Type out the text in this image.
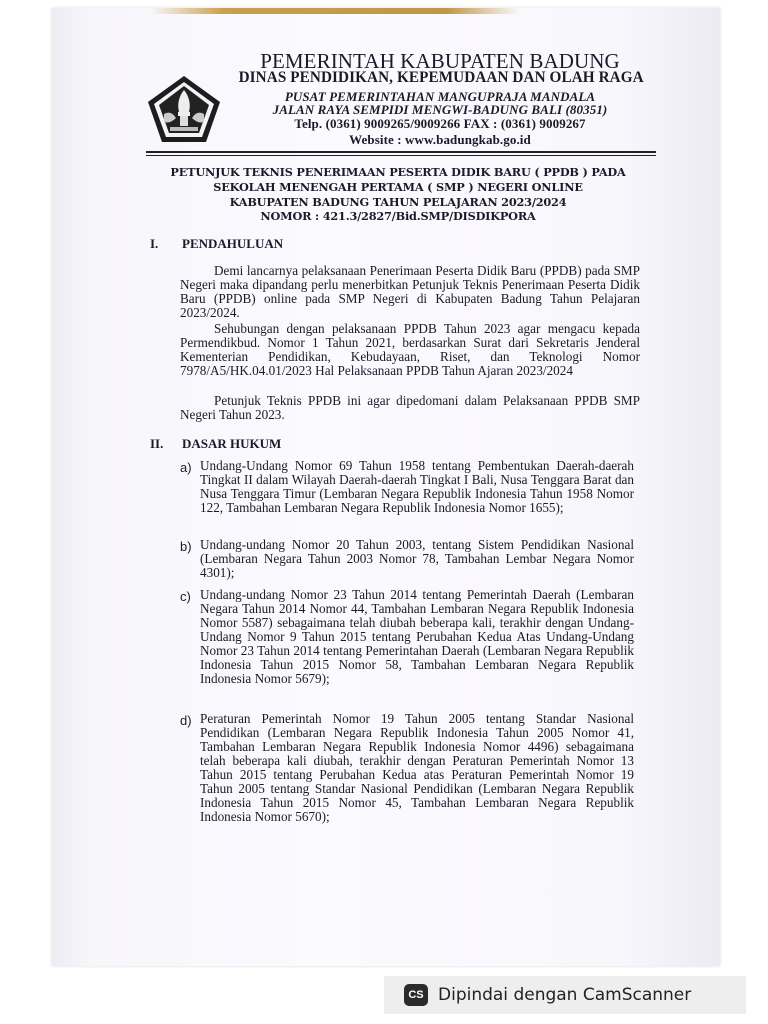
PEMERINTAH KABUPATEN BADUNG
DINAS PENDIDIKAN, KEPEMUDAAN DAN OLAH RAGA
PUSAT PEMERINTAHAN MANGUPRAJA MANDALA
JALAN RAYA SEMPIDI MENGWI-BADUNG BALI (80351)
Telp. (0361) 9009265/9009266 FAX : (0361) 9009267
Website : www.badungkab.go.id
PETUNJUK TEKNIS PENERIMAAN PESERTA DIDIK BARU ( PPDB ) PADA
SEKOLAH MENENGAH PERTAMA ( SMP ) NEGERI ONLINE
KABUPATEN BADUNG TAHUN PELAJARAN 2023/2024
NOMOR : 421.3/2827/Bid.SMP/DISDIKPORA
I. PENDAHULUAN
Demi lancarnya pelaksanaan Penerimaan Peserta Didik Baru (PPDB) pada SMP Negeri maka dipandang perlu menerbitkan Petunjuk Teknis Penerimaan Peserta Didik Baru (PPDB) online pada SMP Negeri di Kabupaten Badung Tahun Pelajaran 2023/2024.
Sehubungan dengan pelaksanaan PPDB Tahun 2023 agar mengacu kepada Permendikbud. Nomor 1 Tahun 2021, berdasarkan Surat dari Sekretaris Jenderal Kementerian Pendidikan, Kebudayaan, Riset, dan Teknologi Nomor 7978/A5/HK.04.01/2023 Hal Pelaksanaan PPDB Tahun Ajaran 2023/2024
Petunjuk Teknis PPDB ini agar dipedomani dalam Pelaksanaan PPDB SMP Negeri Tahun 2023.
II. DASAR HUKUM
a) Undang-Undang Nomor 69 Tahun 1958 tentang Pembentukan Daerah-daerah Tingkat II dalam Wilayah Daerah-daerah Tingkat I Bali, Nusa Tenggara Barat dan Nusa Tenggara Timur (Lembaran Negara Republik Indonesia Tahun 1958 Nomor 122, Tambahan Lembaran Negara Republik Indonesia Nomor 1655);
b) Undang-undang Nomor 20 Tahun 2003, tentang Sistem Pendidikan Nasional (Lembaran Negara Tahun 2003 Nomor 78, Tambahan Lembar Negara Nomor 4301);
c) Undang-undang Nomor 23 Tahun 2014 tentang Pemerintah Daerah (Lembaran Negara Tahun 2014 Nomor 44, Tambahan Lembaran Negara Republik Indonesia Nomor 5587) sebagaimana telah diubah beberapa kali, terakhir dengan Undang-Undang Nomor 9 Tahun 2015 tentang Perubahan Kedua Atas Undang-Undang Nomor 23 Tahun 2014 tentang Pemerintahan Daerah (Lembaran Negara Republik Indonesia Tahun 2015 Nomor 58, Tambahan Lembaran Negara Republik Indonesia Nomor 5679);
d) Peraturan Pemerintah Nomor 19 Tahun 2005 tentang Standar Nasional Pendidikan (Lembaran Negara Republik Indonesia Tahun 2005 Nomor 41, Tambahan Lembaran Negara Republik Indonesia Nomor 4496) sebagaimana telah beberapa kali diubah, terakhir dengan Peraturan Pemerintah Nomor 13 Tahun 2015 tentang Perubahan Kedua atas Peraturan Pemerintah Nomor 19 Tahun 2005 tentang Standar Nasional Pendidikan (Lembaran Negara Republik Indonesia Tahun 2015 Nomor 45, Tambahan Lembaran Negara Republik Indonesia Nomor 5670);
CS Dipindai dengan CamScanner
